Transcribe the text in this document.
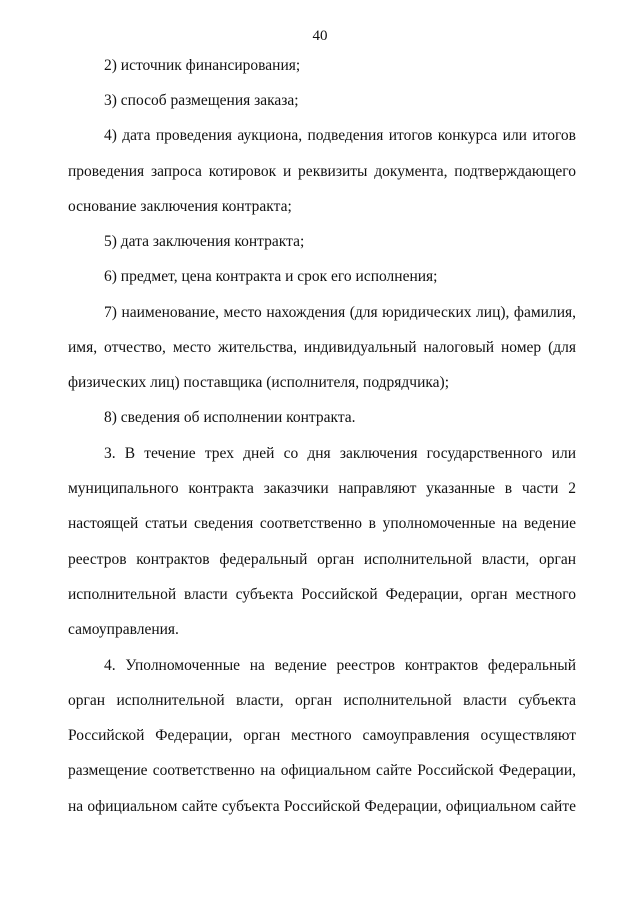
40
2) источник финансирования;
3) способ размещения заказа;
4) дата проведения аукциона, подведения итогов конкурса или итогов
проведения запроса котировок и реквизиты документа, подтверждающего
основание заключения контракта;
5) дата заключения контракта;
6) предмет, цена контракта и срок его исполнения;
7) наименование, место нахождения (для юридических лиц), фамилия,
имя, отчество, место жительства, индивидуальный налоговый номер (для
физических лиц) поставщика (исполнителя, подрядчика);
8) сведения об исполнении контракта.
3. В течение трех дней со дня заключения государственного или
муниципального контракта заказчики направляют указанные в части 2
настоящей статьи сведения соответственно в уполномоченные на ведение
реестров контрактов федеральный орган исполнительной власти, орган
исполнительной власти субъекта Российской Федерации, орган местного
самоуправления.
4. Уполномоченные на ведение реестров контрактов федеральный
орган исполнительной власти, орган исполнительной власти субъекта
Российской Федерации, орган местного самоуправления осуществляют
размещение соответственно на официальном сайте Российской Федерации,
на официальном сайте субъекта Российской Федерации, официальном сайте
